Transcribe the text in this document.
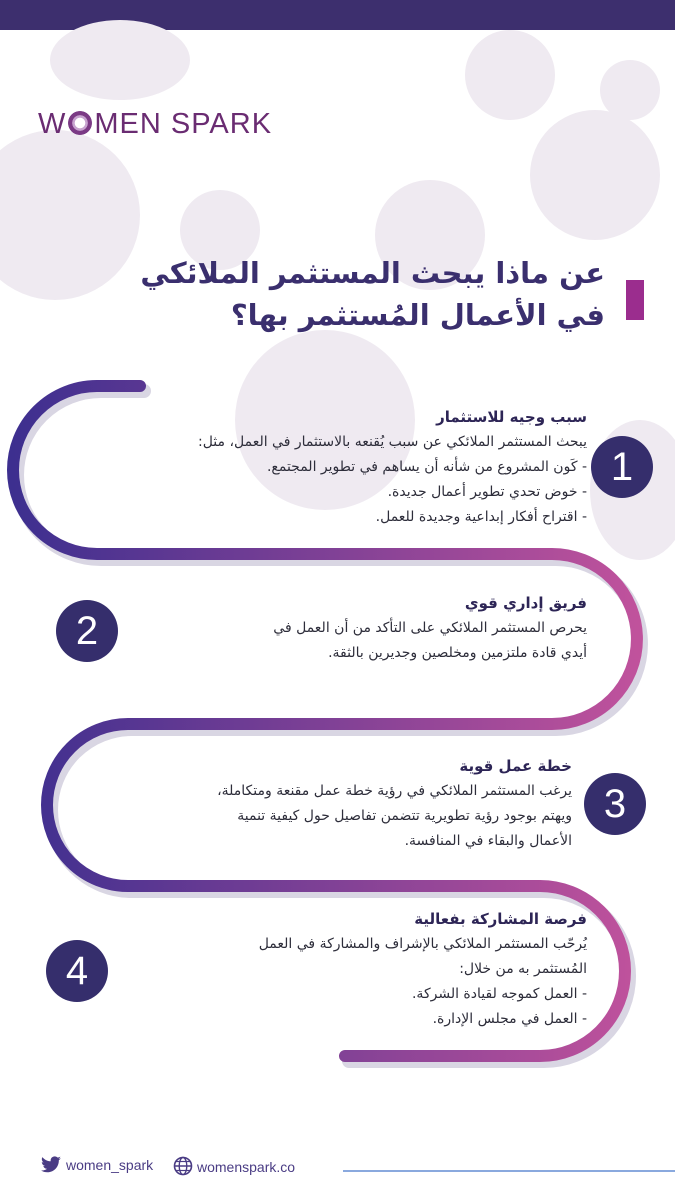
W MEN SPARK
عن ماذا يبحث المستثمر الملائكي
في الأعمال المُستثمر بها؟
1
سبب وجيه للاستثمار
يبحث المستثمر الملائكي عن سبب يُقنعه بالاستثمار في العمل، مثل:
- كَون المشروع من شأنه أن يساهم في تطوير المجتمع.
- خوض تحدي تطوير أعمال جديدة.
- اقتراح أفكار إبداعية وجديدة للعمل.
2
فريق إداري قوي
يحرص المستثمر الملائكي على التأكد من أن العمل في
أيدي قادة ملتزمين ومخلصين وجديرين بالثقة.
3
خطة عمل قوية
يرغب المستثمر الملائكي في رؤية خطة عمل مقنعة ومتكاملة،
ويهتم بوجود رؤية تطويرية تتضمن تفاصيل حول كيفية تنمية
الأعمال والبقاء في المنافسة.
4
فرصة المشاركة بفعالية
يُرحّب المستثمر الملائكي بالإشراف والمشاركة في العمل
المُستثمر به من خلال:
- العمل كموجه لقيادة الشركة.
- العمل في مجلس الإدارة.
women_spark	womenspark.co
